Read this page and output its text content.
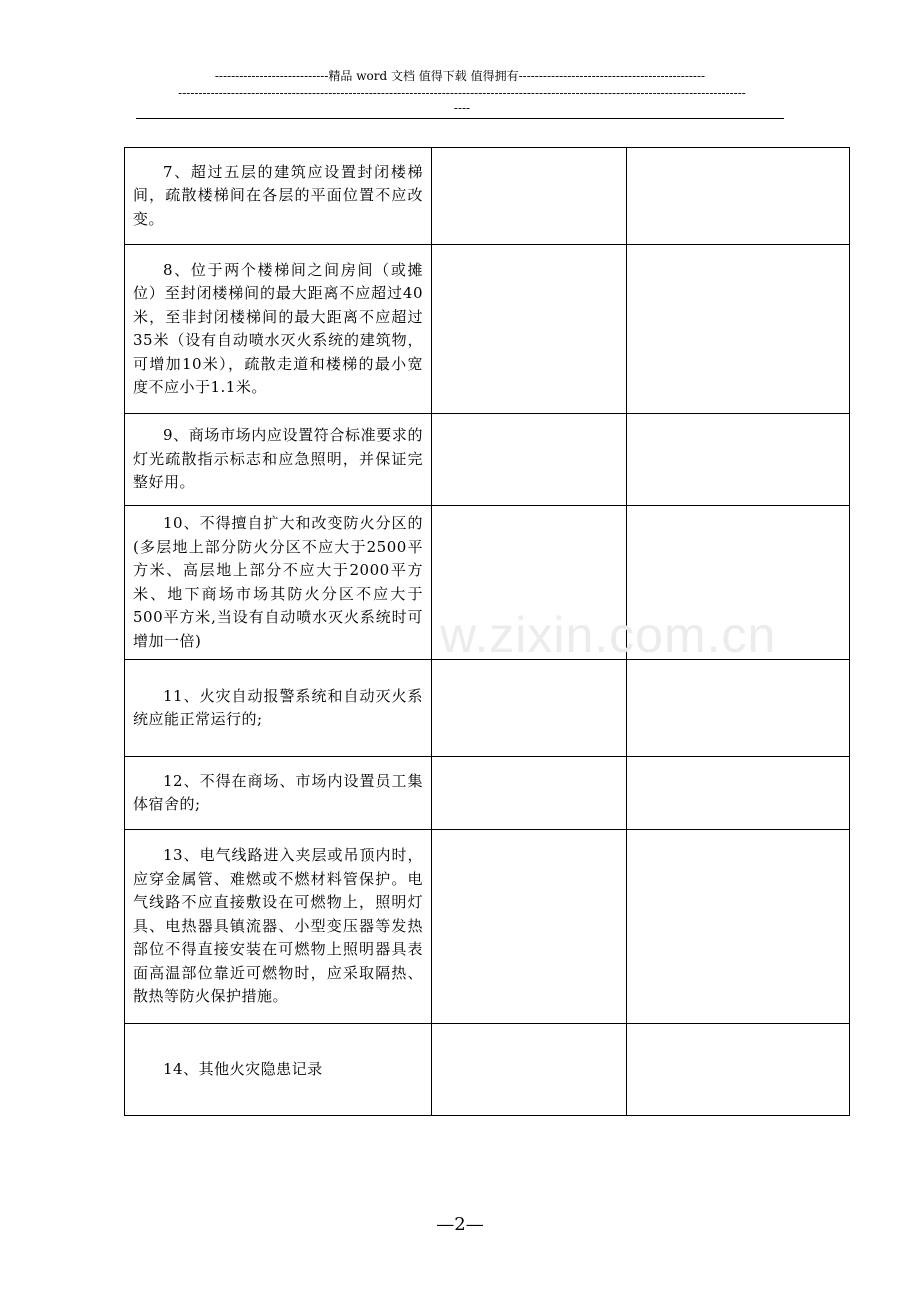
----------------------------精品 word 文档 值得下载 值得拥有----------------------------------------------
--------------------------------------------------------------------------------------------------------------------------------------------
----
7、超过五层的建筑应设置封闭楼梯间，疏散楼梯间在各层的平面位置不应改变。		

8、位于两个楼梯间之间房间（或摊位）至封闭楼梯间的最大距离不应超过40米，至非封闭楼梯间的最大距离不应超过35米（设有自动喷水灭火系统的建筑物，可增加10米），疏散走道和楼梯的最小宽度不应小于1.1米。		

9、商场市场内应设置符合标准要求的灯光疏散指示标志和应急照明，并保证完整好用。		

10、不得擅自扩大和改变防火分区的(多层地上部分防火分区不应大于2500平方米、高层地上部分不应大于2000平方米、地下商场市场其防火分区不应大于500平方米,当设有自动喷水灭火系统时可增加一倍)		

11、火灾自动报警系统和自动灭火系统应能正常运行的;		

12、不得在商场、市场内设置员工集体宿舍的;		

13、电气线路进入夹层或吊顶内时，应穿金属管、难燃或不燃材料管保护。电气线路不应直接敷设在可燃物上，照明灯具、电热器具镇流器、小型变压器等发热部位不得直接安装在可燃物上照明器具表面高温部位靠近可燃物时，应采取隔热、散热等防火保护措施。		

14、其他火灾隐患记录		

w.zixin.com.cn
—2—
